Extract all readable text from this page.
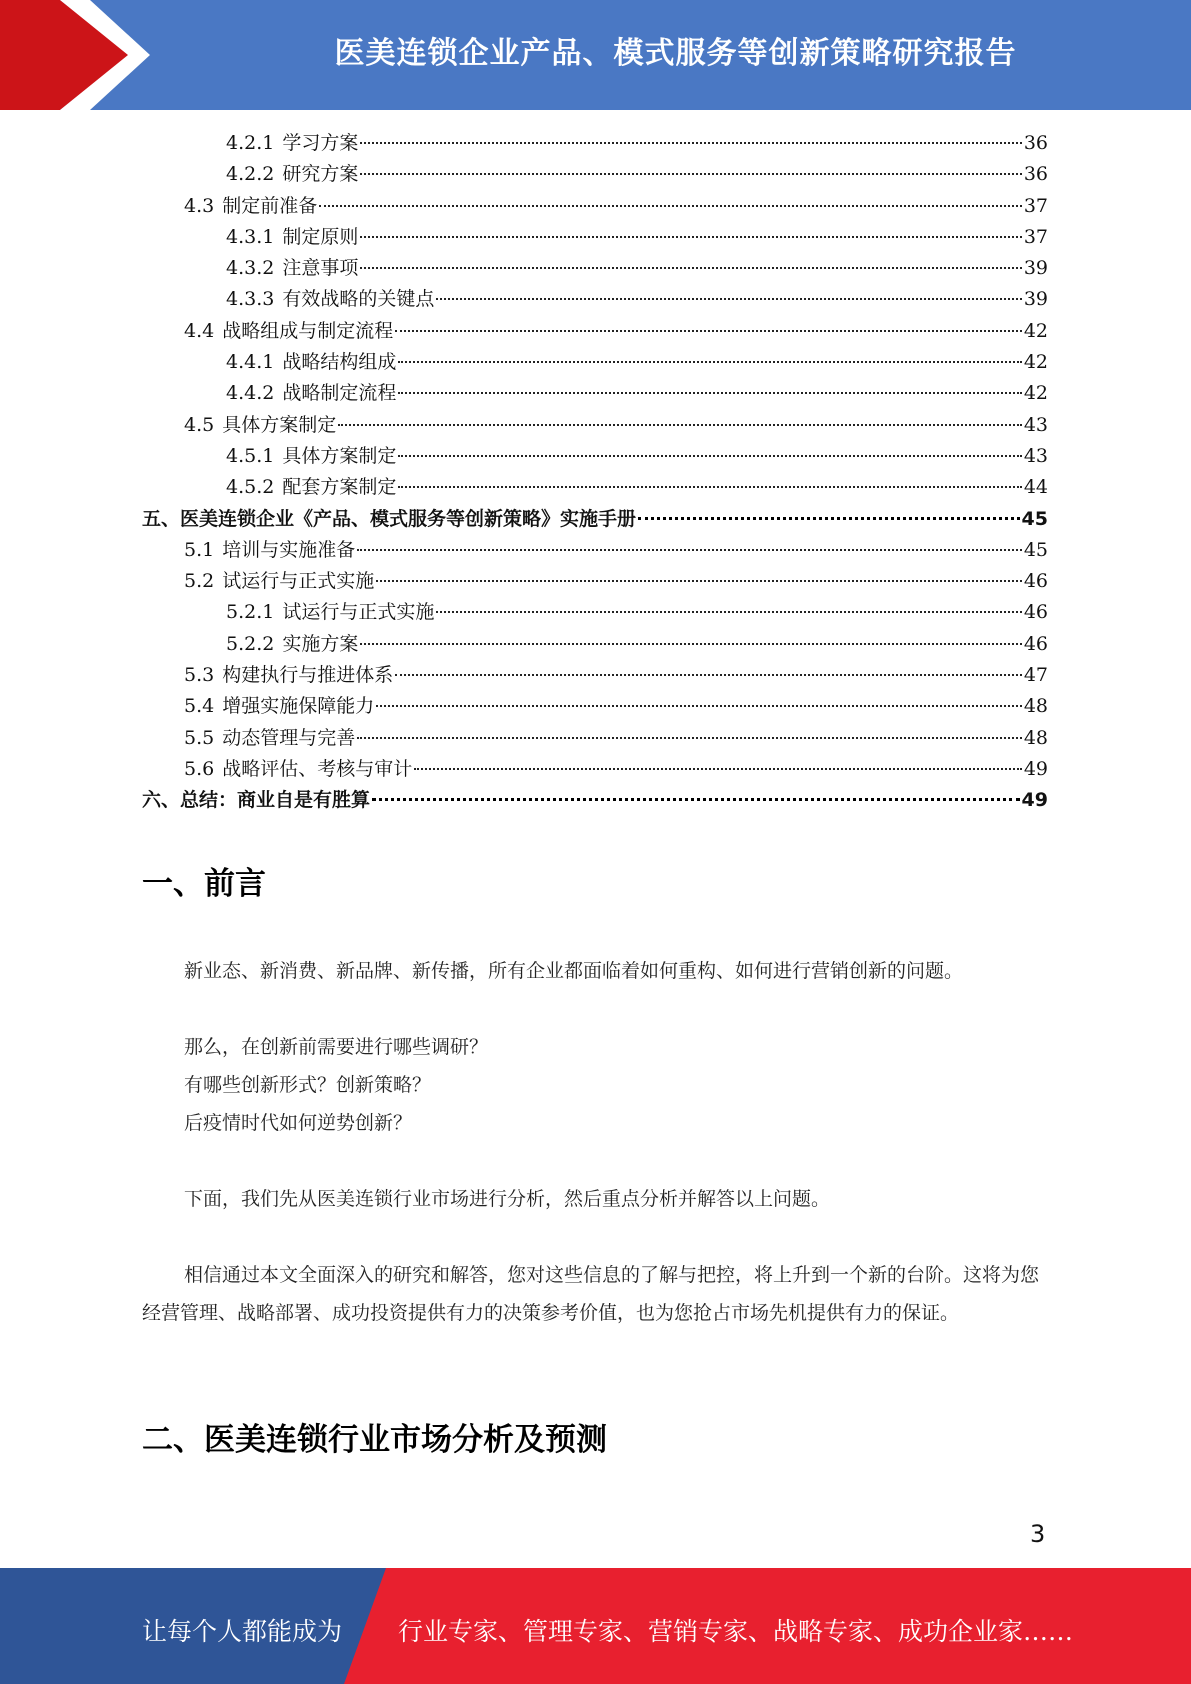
医美连锁企业产品、模式服务等创新策略研究报告
4.2.1 学习方案	36
4.2.2 研究方案	36
4.3 制定前准备	37
4.3.1 制定原则	37
4.3.2 注意事项	39
4.3.3 有效战略的关键点	39
4.4 战略组成与制定流程	42
4.4.1 战略结构组成	42
4.4.2 战略制定流程	42
4.5 具体方案制定	43
4.5.1 具体方案制定	43
4.5.2 配套方案制定	44
五、医美连锁企业《产品、模式服务等创新策略》实施手册	45
5.1 培训与实施准备	45
5.2 试运行与正式实施	46
5.2.1 试运行与正式实施	46
5.2.2 实施方案	46
5.3 构建执行与推进体系	47
5.4 增强实施保障能力	48
5.5 动态管理与完善	48
5.6 战略评估、考核与审计	49
六、总结：商业自是有胜算	49
一、前言
新业态、新消费、新品牌、新传播，所有企业都面临着如何重构、如何进行营销创新的问题。
那么，在创新前需要进行哪些调研？
有哪些创新形式？创新策略？
后疫情时代如何逆势创新？
下面，我们先从医美连锁行业市场进行分析，然后重点分析并解答以上问题。
相信通过本文全面深入的研究和解答，您对这些信息的了解与把控，将上升到一个新的台阶。这将为您经营管理、战略部署、成功投资提供有力的决策参考价值，也为您抢占市场先机提供有力的保证。
二、医美连锁行业市场分析及预测
3
让每个人都能成为 行业专家、管理专家、营销专家、战略专家、成功企业家……
